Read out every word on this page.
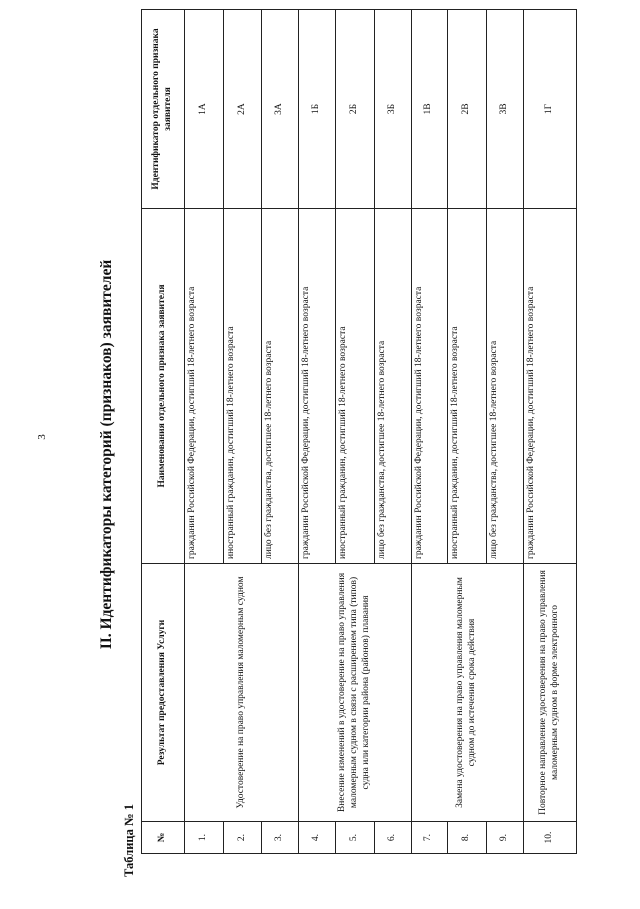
3	II. Идентификаторы категорий (признаков) заявителей
Таблица № 1 №	Результат предоставления Услуги	Наименования отдельного признака заявителя	Идентификатор отдельного признака заявителя
1.	Удостоверение на право управления маломерным судном	гражданин Российской Федерации, достигший 18-летнего возраста	1А
2.		иностранный гражданин, достигший 18-летнего возраста	2А
3.		лицо без гражданства, достигшее 18-летнего возраста	3А
4.	Внесение изменений в удостоверение на право управления маломерным судном в связи с расширением типа (типов) судна или категории района (районов) плавания	гражданин Российской Федерации, достигший 18-летнего возраста	1Б
5.		иностранный гражданин, достигший 18-летнего возраста	2Б
6.		лицо без гражданства, достигшее 18-летнего возраста	3Б
7.	Замена удостоверения на право управления маломерным судном до истечения срока действия	гражданин Российской Федерации, достигший 18-летнего возраста	1В
8.		иностранный гражданин, достигший 18-летнего возраста	2В
9.		лицо без гражданства, достигшее 18-летнего возраста	3В
10.	Повторное направление удостоверения на право управления маломерным судном в форме электронного	гражданин Российской Федерации, достигший 18-летнего возраста	1Г
